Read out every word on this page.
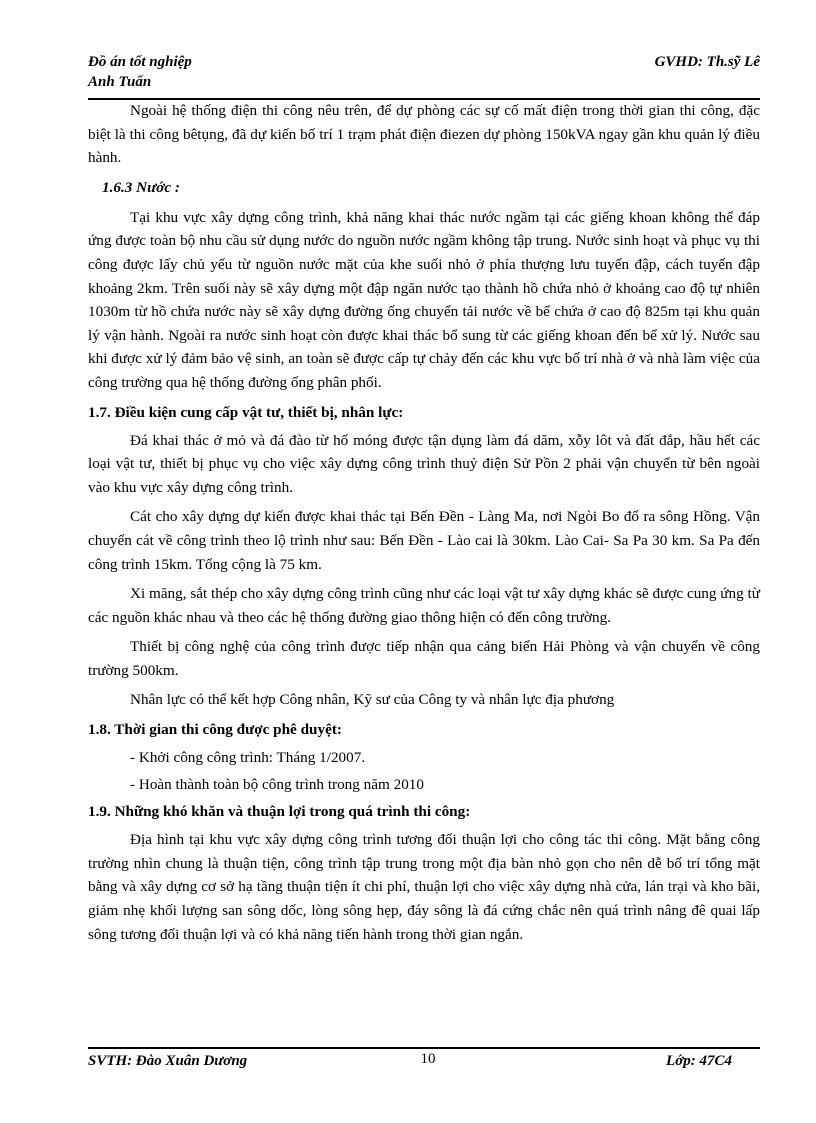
Đồ án tốt nghiệp	GVHD: Th.sỹ Lê
Anh Tuấn

Ngoài hệ thống điện thi công nêu trên, để dự phòng các sự cố mất điện trong thời gian thi công, đặc biệt là thi công bêtụng, đã dự kiến bố trí 1 trạm phát điện điezen dự phòng 150kVA ngay gần khu quản lý điều hành.

1.6.3 Nước :

Tại khu vực xây dựng công trình, khả năng khai thác nước ngầm tại các giếng khoan không thể đáp ứng được toàn bộ nhu cầu sử dụng nước do nguồn nước ngầm không tập trung. Nước sinh hoạt và phục vụ thi công được lấy chủ yếu từ nguồn nước mặt của khe suối nhỏ ở phía thượng lưu tuyến đập, cách tuyến đập khoảng 2km. Trên suối này sẽ xây dựng một đập ngăn nước tạo thành hồ chứa nhỏ ở khoảng cao độ tự nhiên 1030m từ hồ chứa nước này sẽ xây dựng đường ống chuyển tải nước về bể chứa ở cao độ 825m tại khu quản lý vận hành. Ngoài ra nước sinh hoạt còn được khai thác bổ sung từ các giếng khoan đến bể xử lý. Nước sau khi được xử lý đảm bảo vệ sinh, an toàn sẽ được cấp tự chảy đến các khu vực bố trí nhà ở và nhà làm việc của công trường qua hệ thống đường ống phân phối.

1.7. Điều kiện cung cấp vật tư, thiết bị, nhân lực:

Đá khai thác ở mỏ và đá đào từ hố móng được tận dụng làm đá dăm, xỗy lôt và đất đắp, hầu hết các loại vật tư, thiết bị phục vụ cho việc xây dựng công trình thuỷ điện Sử Pồn 2 phải vận chuyển từ bên ngoài vào khu vực xây dựng công trình.

Cát cho xây dựng dự kiến được khai thác tại Bến Đền - Làng Ma, nơi Ngòi Bo đổ ra sông Hồng. Vận chuyển cát về công trình theo lộ trình như sau: Bến Đền - Lào cai là 30km. Lào Cai- Sa Pa 30 km. Sa Pa đến công trình 15km. Tổng cộng là 75 km.

Xi măng, sắt thép cho xây dựng công trình cũng như các loại vật tư xây dựng khác sẽ được cung ứng từ các nguồn khác nhau và theo các hệ thống đường giao thông hiện có đến công trường.

Thiết bị công nghệ của công trình được tiếp nhận qua cảng biển Hải Phòng và vận chuyển về công trường 500km.

Nhân lực có thể kết hợp Công nhân, Kỹ sư của Công ty và nhân lực địa phương

1.8. Thời gian thi công được phê duyệt:
- Khởi công công trình: Tháng 1/2007.
- Hoàn thành toàn bộ công trình trong năm 2010
1.9. Những khó khăn và thuận lợi trong quá trình thi công:

Địa hình tại khu vực xây dựng công trình tương đối thuận lợi cho công tác thi công. Mặt bằng công trường nhìn chung là thuận tiện, công trình tập trung trong một địa bàn nhỏ gọn cho nên dễ bố trí tổng mặt bằng và xây dựng cơ sở hạ tầng thuận tiện ít chi phí, thuận lợi cho việc xây dựng nhà cửa, lán trại và kho bãi, giảm nhẹ khối lượng san sông dốc, lòng sông hẹp, đáy sông là đá cứng chắc nên quá trình nâng đê quai lấp sông tương đối thuận lợi và có khả năng tiến hành trong thời gian ngắn.

SVTH: Đào Xuân Dương	10	Lớp: 47C4
